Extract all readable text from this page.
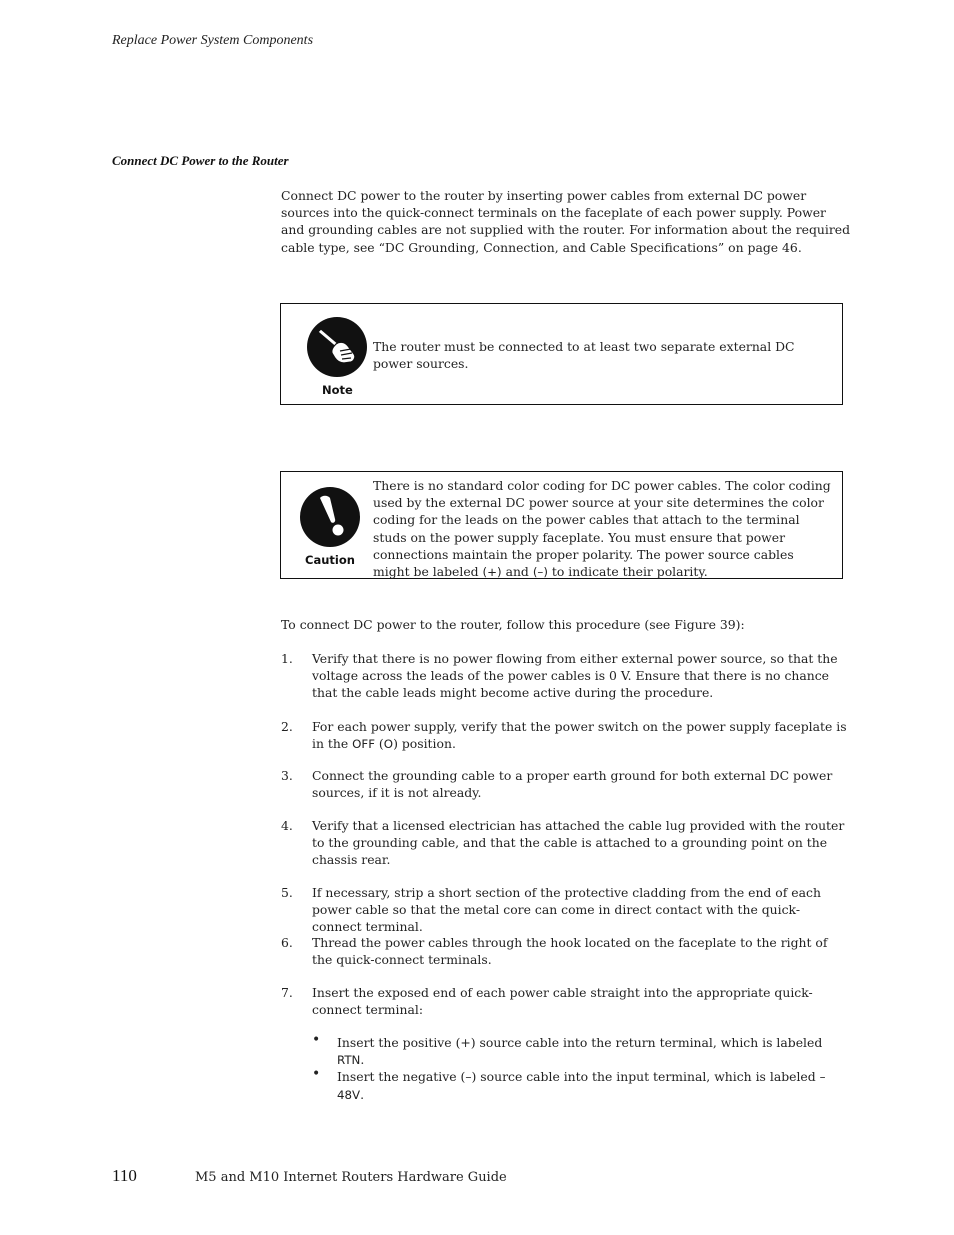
Replace Power System Components
Connect DC Power to the Router
Connect DC power to the router by inserting power cables from external DC power sources into the quick-connect terminals on the faceplate of each power supply. Power and grounding cables are not supplied with the router. For information about the required cable type, see “DC Grounding, Connection, and Cable Specifications” on page 46.
Note
The router must be connected to at least two separate external DC power sources.
Caution
There is no standard color coding for DC power cables. The color coding used by the external DC power source at your site determines the color coding for the leads on the power cables that attach to the terminal studs on the power supply faceplate. You must ensure that power connections maintain the proper polarity. The power source cables might be labeled (+) and (–) to indicate their polarity.
To connect DC power to the router, follow this procedure (see Figure 39):
1. Verify that there is no power flowing from either external power source, so that the voltage across the leads of the power cables is 0 V. Ensure that there is no chance that the cable leads might become active during the procedure.
2. For each power supply, verify that the power switch on the power supply faceplate is in the OFF (O) position.
3. Connect the grounding cable to a proper earth ground for both external DC power sources, if it is not already.
4. Verify that a licensed electrician has attached the cable lug provided with the router to the grounding cable, and that the cable is attached to a grounding point on the chassis rear.
5. If necessary, strip a short section of the protective cladding from the end of each power cable so that the metal core can come in direct contact with the quick-connect terminal.
6. Thread the power cables through the hook located on the faceplate to the right of the quick-connect terminals.
7. Insert the exposed end of each power cable straight into the appropriate quick-connect terminal:
• Insert the positive (+) source cable into the return terminal, which is labeled RTN.
• Insert the negative (–) source cable into the input terminal, which is labeled –48V.
110	M5 and M10 Internet Routers Hardware Guide
